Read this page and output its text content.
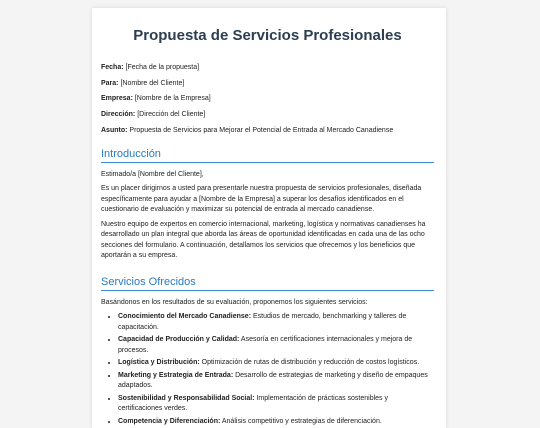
Propuesta de Servicios Profesionales

Fecha: [Fecha de la propuesta]

Para: [Nombre del Cliente]

Empresa: [Nombre de la Empresa]

Dirección: [Dirección del Cliente]

Asunto: Propuesta de Servicios para Mejorar el Potencial de Entrada al Mercado Canadiense

Introducción

Estimado/a [Nombre del Cliente],

Es un placer dirigirnos a usted para presentarle nuestra propuesta de servicios profesionales, diseñada específicamente para ayudar a [Nombre de la Empresa] a superar los desafíos identificados en el cuestionario de evaluación y maximizar su potencial de entrada al mercado canadiense.

Nuestro equipo de expertos en comercio internacional, marketing, logística y normativas canadienses ha desarrollado un plan integral que aborda las áreas de oportunidad identificadas en cada una de las ocho secciones del formulario. A continuación, detallamos los servicios que ofrecemos y los beneficios que aportarán a su empresa.

Servicios Ofrecidos

Basándonos en los resultados de su evaluación, proponemos los siguientes servicios:

• Conocimiento del Mercado Canadiense: Estudios de mercado, benchmarking y talleres de capacitación.
• Capacidad de Producción y Calidad: Asesoría en certificaciones internacionales y mejora de procesos.
• Logística y Distribución: Optimización de rutas de distribución y reducción de costos logísticos.
• Marketing y Estrategia de Entrada: Desarrollo de estrategias de marketing y diseño de empaques adaptados.
• Sostenibilidad y Responsabilidad Social: Implementación de prácticas sostenibles y certificaciones verdes.
• Competencia y Diferenciación: Análisis competitivo y estrategias de diferenciación.
